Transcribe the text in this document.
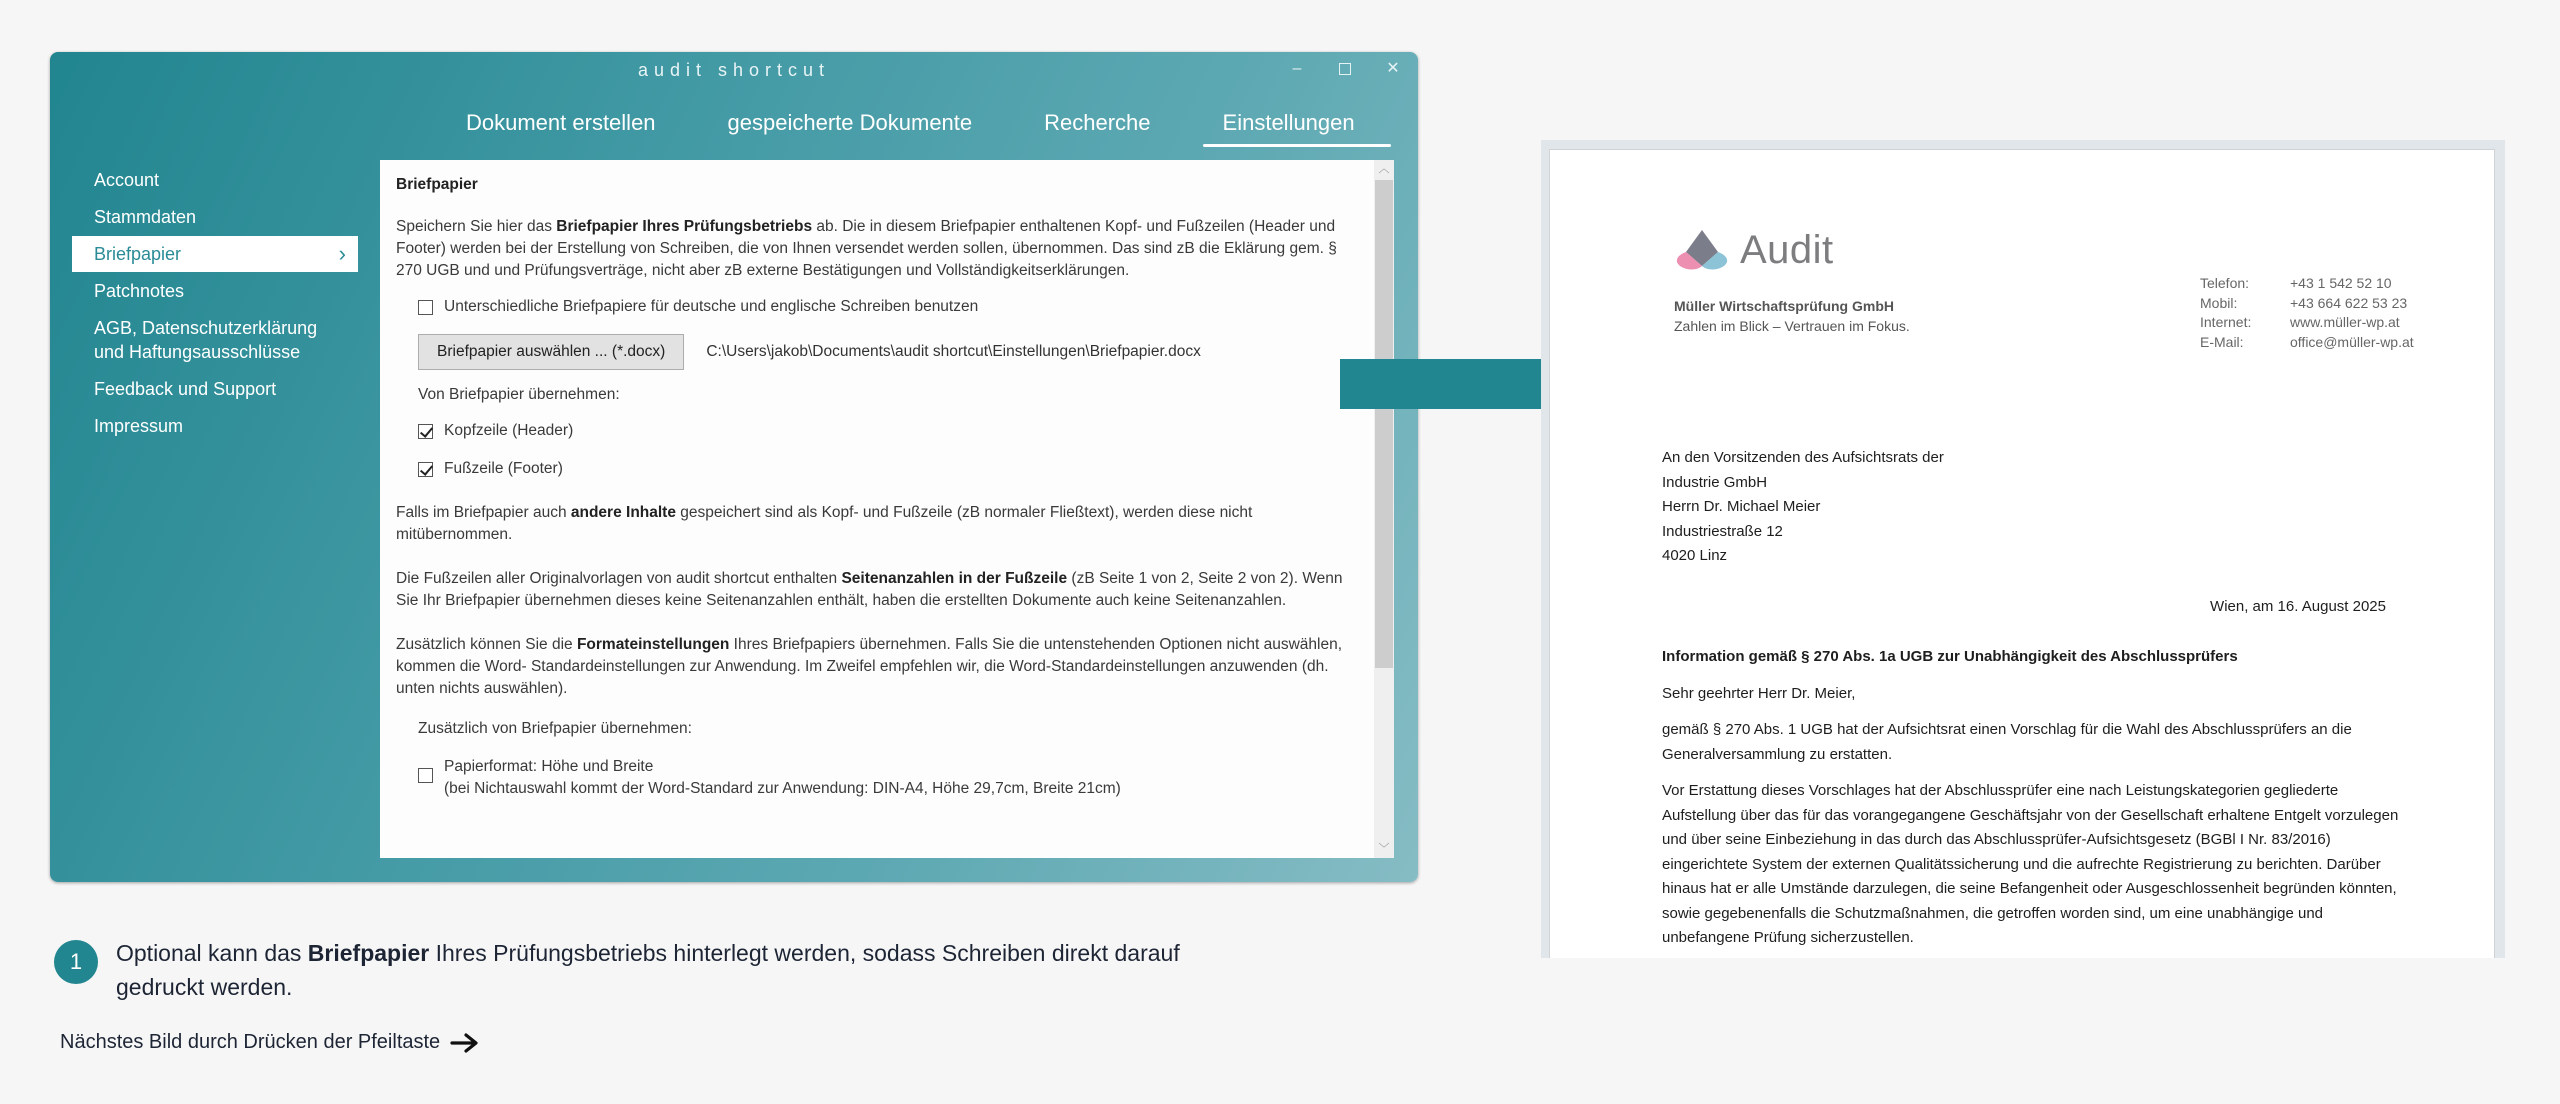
audit shortcut	–	✕
Dokument erstellen	gespeicherte Dokumente	Recherche	Einstellungen
Account
Stammdaten
Briefpapier	›
Patchnotes
AGB, Datenschutzerklärung
und Haftungsausschlüsse
Feedback und Support
Impressum
Briefpapier

Speichern Sie hier das Briefpapier Ihres Prüfungsbetriebs ab. Die in diesem Briefpapier enthaltenen Kopf- und Fußzeilen (Header und Footer) werden bei der Erstellung von Schreiben, die von Ihnen versendet werden sollen, übernommen. Das sind zB die Eklärung gem. § 270 UGB und und Prüfungsverträge, nicht aber zB externe Bestätigungen und Vollständigkeitserklärungen.

Unterschiedliche Briefpapiere für deutsche und englische Schreiben benutzen
Briefpapier auswählen ... (*.docx)	C:\Users\jakob\Documents\audit shortcut\Einstellungen\Briefpapier.docx
Von Briefpapier übernehmen:
Kopfzeile (Header)
Fußzeile (Footer)

Falls im Briefpapier auch andere Inhalte gespeichert sind als Kopf- und Fußzeile (zB normaler Fließtext), werden diese nicht mitübernommen.

Die Fußzeilen aller Originalvorlagen von audit shortcut enthalten Seitenanzahlen in der Fußzeile (zB Seite 1 von 2, Seite 2 von 2). Wenn Sie Ihr Briefpapier übernehmen dieses keine Seitenanzahlen enthält, haben die erstellten Dokumente auch keine Seitenanzahlen.

Zusätzlich können Sie die Formateinstellungen Ihres Briefpapiers übernehmen. Falls Sie die untenstehenden Optionen nicht auswählen, kommen die Word- Standardeinstellungen zur Anwendung. Im Zweifel empfehlen wir, die Word-Standardeinstellungen anzuwenden (dh. unten nichts auswählen).

Zusätzlich von Briefpapier übernehmen:
Papierformat: Höhe und Breite
(bei Nichtauswahl kommt der Word-Standard zur Anwendung: DIN-A4, Höhe 29,7cm, Breite 21cm)
︿
﹀
Audit
Müller Wirtschaftsprüfung GmbH
Zahlen im Blick – Vertrauen im Fokus.
Telefon:	+43 1 542 52 10
Mobil:	+43 664 622 53 23
Internet:	www.müller-wp.at
E-Mail:	office@müller-wp.at
An den Vorsitzenden des Aufsichtsrats der
Industrie GmbH
Herrn Dr. Michael Meier
Industriestraße 12
4020 Linz
Wien, am 16. August 2025
Information gemäß § 270 Abs. 1a UGB zur Unabhängigkeit des Abschlussprüfers
Sehr geehrter Herr Dr. Meier,
gemäß § 270 Abs. 1 UGB hat der Aufsichtsrat einen Vorschlag für die Wahl des Abschlussprüfers an die Generalversammlung zu erstatten.
Vor Erstattung dieses Vorschlages hat der Abschlussprüfer eine nach Leistungskategorien gegliederte Aufstellung über das für das vorangegangene Geschäftsjahr von der Gesellschaft erhaltene Entgelt vorzulegen und über seine Einbeziehung in das durch das Abschlussprüfer-Aufsichtsgesetz (BGBl I Nr. 83/2016) eingerichtete System der externen Qualitätssicherung und die aufrechte Registrierung zu berichten. Darüber hinaus hat er alle Umstände darzulegen, die seine Befangenheit oder Ausgeschlossenheit begründen könnten, sowie gegebenenfalls die Schutzmaßnahmen, die getroffen worden sind, um eine unabhängige und unbefangene Prüfung sicherzustellen.
1	Optional kann das Briefpapier Ihres Prüfungsbetriebs hinterlegt werden, sodass Schreiben direkt darauf gedruckt werden.
Nächstes Bild durch Drücken der Pfeiltaste
